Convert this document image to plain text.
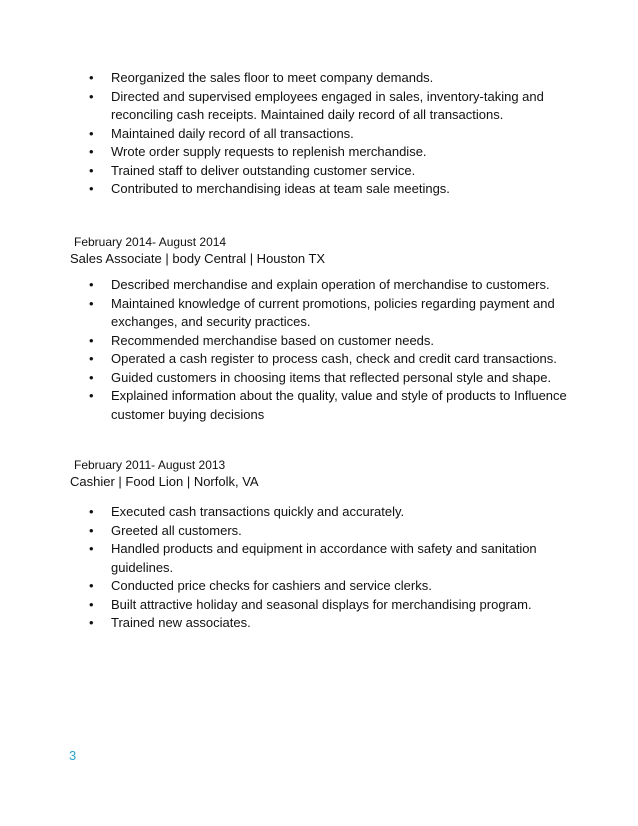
• Reorganized the sales floor to meet company demands.
• Directed and supervised employees engaged in sales, inventory-taking and reconciling cash receipts. Maintained daily record of all transactions.
• Maintained daily record of all transactions.
• Wrote order supply requests to replenish merchandise.
• Trained staff to deliver outstanding customer service.
• Contributed to merchandising ideas at team sale meetings.
February 2014- August 2014
Sales Associate | body Central | Houston TX
• Described merchandise and explain operation of merchandise to customers.
• Maintained knowledge of current promotions, policies regarding payment and exchanges, and security practices.
• Recommended merchandise based on customer needs.
• Operated a cash register to process cash, check and credit card transactions.
• Guided customers in choosing items that reflected personal style and shape.
• Explained information about the quality, value and style of products to Influence customer buying decisions
February 2011- August 2013
Cashier | Food Lion | Norfolk, VA
• Executed cash transactions quickly and accurately.
• Greeted all customers.
• Handled products and equipment in accordance with safety and sanitation guidelines.
• Conducted price checks for cashiers and service clerks.
• Built attractive holiday and seasonal displays for merchandising program.
• Trained new associates.
3
